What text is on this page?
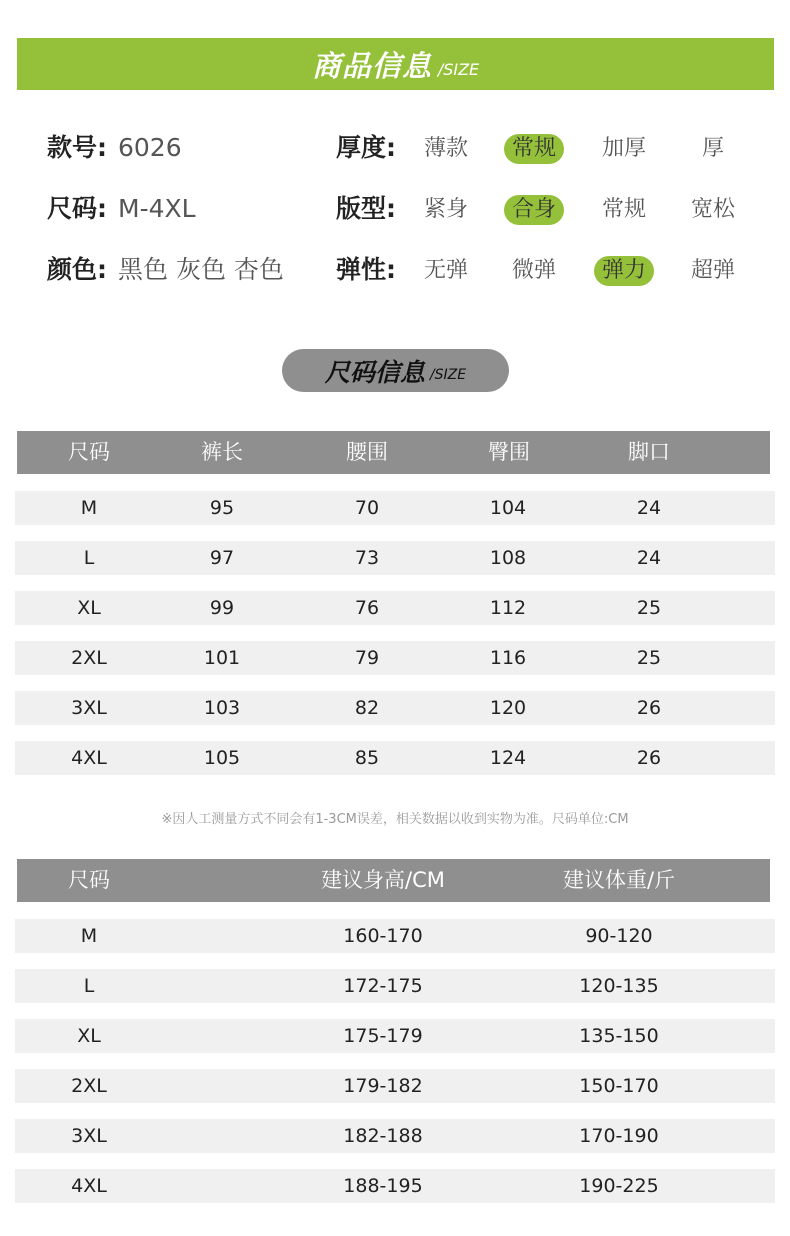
商品信息 /SIZE
款号: 6026	厚度:	薄款	常规	加厚	厚
尺码: M-4XL	版型:	紧身	合身	常规	宽松
颜色: 黑色 灰色 杏色 弹性:	无弹	微弹	弹力	超弹
尺码信息 /SIZE
尺码	裤长	腰围	臀围	脚口
M	95	70	104	24
L	97	73	108	24
XL	99	76	112	25
2XL	101	79	116	25
3XL	103	82	120	26
4XL	105	85	124	26
※因人工测量方式不同会有1-3CM误差，相关数据以收到实物为准。尺码单位:CM
尺码	建议身高/CM	建议体重/斤
M	160-170	90-120
L	172-175	120-135
XL	175-179	135-150
2XL	179-182	150-170
3XL	182-188	170-190
4XL	188-195	190-225
